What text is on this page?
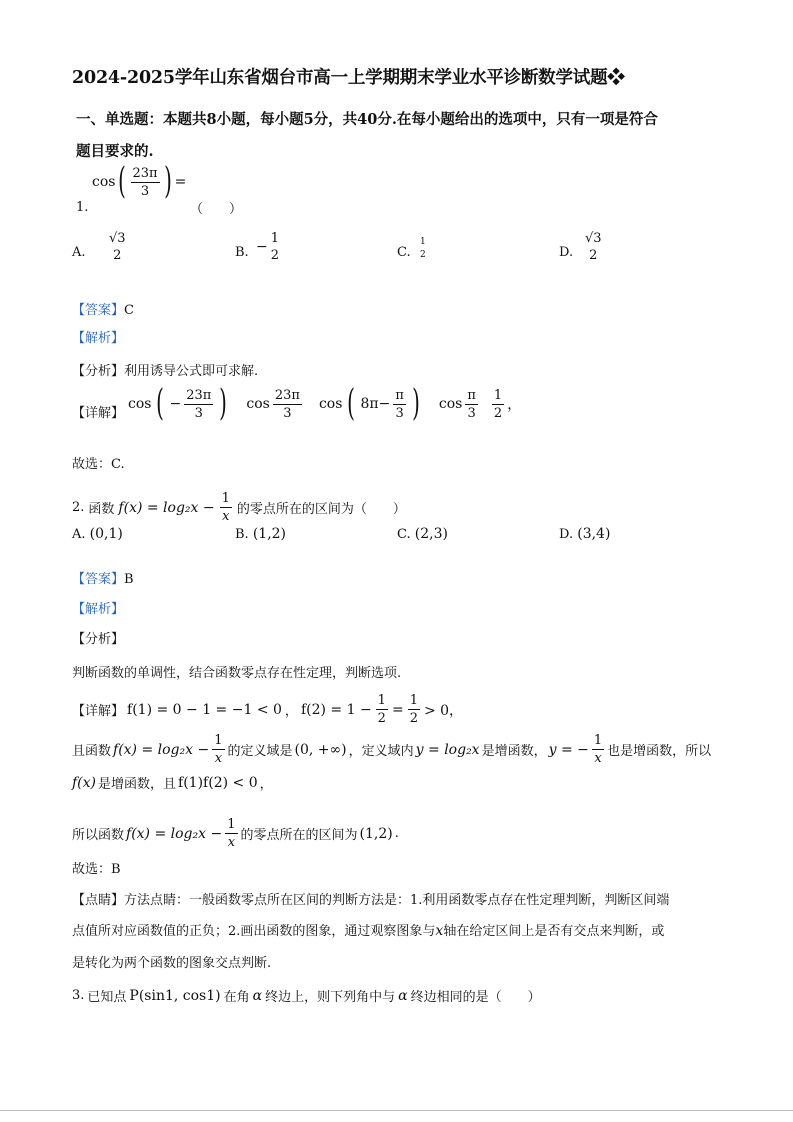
2024-2025学年山东省烟台市高一上学期期末学业水平诊断数学试题❖
一、单选题：本题共8小题，每小题5分，共40分.在每小题给出的选项中，只有一项是符合
题目要求的.
1.
cos ( $\frac{23\pi}{3}$ ) =
（　　）
A.
√3
2	B. −
1
2	C.
1
2	D.
√3
2
【答案】C
【解析】
【分析】利用诱导公式即可求解.
【详解】
cos ( − $\frac{23\pi}{3}$ ) $\cos \frac{23\pi}{3}$ cos ( $8\pi- \frac{\pi}{3}$ ) $\cos \frac{\pi}{3} \frac{1}{2}$ ，
故选：C.
2. 函数 $f(x) = \log_2x - \frac{1}{x}$ 的零点所在的区间为（　　）
A. (0,1)	B. (1,2)	C. (2,3)	D. (3,4)
【答案】B
【解析】
【分析】
判断函数的单调性，结合函数零点存在性定理，判断选项.
【详解】 f(1) = 0 − 1 = −1 < 0 ， $f(2) = 1 - \frac{1}{2} = \frac{1}{2} > 0$，
且函数 $f(x) = \log_2x - \frac{1}{x}$ 的定义域是 (0, +∞) ，定义域内 y = log₂x 是增函数， y = − $\frac{1}{x}$ 也是增函数，所以
f(x) 是增函数，且 f(1)f(2) < 0 ，
所以函数 $f(x) = \log_2x - \frac{1}{x}$ 的零点所在的区间为 (1,2) .
故选：B
【点睛】方法点睛：一般函数零点所在区间的判断方法是：1.利用函数零点存在性定理判断，判断区间端
点值所对应函数值的正负；2.画出函数的图象，通过观察图象与x轴在给定区间上是否有交点来判断，或
是转化为两个函数的图象交点判断.
3. 已知点 P(sin1, cos1) 在角 α 终边上，则下列角中与 α 终边相同的是（　　）
